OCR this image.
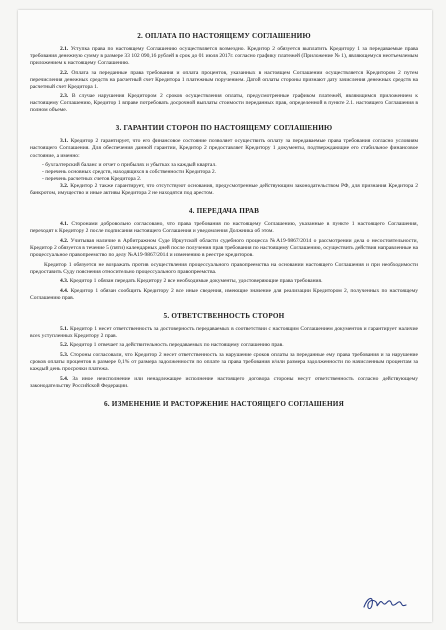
2. ОПЛАТА ПО НАСТОЯЩЕМУ СОГЛАШЕНИЮ

2.1. Уступка права по настоящему Соглашению осуществляется возмездно. Кредитор 2 обязуется выплатить Кредитору 1 за передаваемые права требования денежную сумму в размере 33 102 090,16 рублей в срок до 01 июля 2017г. согласно графику платежей (Приложение № 1), являющемуся неотъемлемым приложением к настоящему Соглашению.

2.2. Оплата за переданные права требования и оплата процентов, указанных в настоящем Соглашении осуществляется Кредитором 2 путем перечисления денежных средств на расчетный счет Кредитора 1 платежным поручением. Датой оплаты стороны признают дату зачисления денежных средств на расчетный счет Кредитора 1.

2.3. В случае нарушения Кредитором 2 сроков осуществления оплаты, предусмотренные графиком платежей, являющимся приложением к настоящему Соглашению, Кредитор 1 вправе потребовать досрочной выплаты стоимости переданных прав, определенной в пункте 2.1. настоящего Соглашения в полном объеме.

3. ГАРАНТИИ СТОРОН ПО НАСТОЯЩЕМУ СОГЛАШЕНИЮ

3.1. Кредитор 2 гарантирует, что его финансовое состояние позволяет осуществить оплату за передаваемые права требования согласно условиям настоящего Соглашения. Для обеспечения данной гарантии, Кредитор 2 предоставляет Кредитору 1 документы, подтверждающие его стабильное финансовое состояние, а именно:

- бухгалтерский баланс и отчет о прибылях и убытках за каждый квартал.

- перечень основных средств, находящихся в собственности Кредитора 2.

- перечень расчетных счетов Кредитора 2.

3.2. Кредитор 2 также гарантирует, что отсутствуют основания, предусмотренные действующим законодательством РФ, для признания Кредитора 2 банкротом, имущество и иные активы Кредитора 2 не находятся под арестом.

4. ПЕРЕДАЧА ПРАВ

4.1. Сторонами добровольно согласовано, что права требования по настоящему Соглашению, указанные в пункте 1 настоящего Соглашения, переходят к Кредитору 2 после подписания настоящего Соглашения и уведомления Должника об этом.

4.2. Учитывая наличие в Арбитражном Суде Иркутской области судебного процесса №А19-9867/2014 о рассмотрении дела о несостоятельности, Кредитор 2 обязуется в течение 5 (пяти) календарных дней после получения прав требования по настоящему Соглашению, осуществить действия направленные на процессуальное правопреемство по делу №А19-9867/2014 и изменению в реестре кредиторов.

Кредитор 1 обязуется не возражать против осуществления процессуального правопреемства на основании настоящего Соглашения и при необходимости предоставить Суду пояснения относительно процессуального правопреемства.

4.3. Кредитор 1 обязан передать Кредитору 2 все необходимые документы, удостоверяющие права требования.

4.4. Кредитор 1 обязан сообщить Кредитору 2 все иные сведения, имеющие значение для реализации Кредитором 2, полученных по настоящему Соглашению прав.

5. ОТВЕТСТВЕННОСТЬ СТОРОН

5.1. Кредитор 1 несет ответственность за достоверность передаваемых в соответствии с настоящим Соглашением документов и гарантирует наличие всех уступленных Кредитору 2 прав.

5.2. Кредитор 1 отвечает за действительность передаваемых по настоящему соглашению прав.

5.3. Стороны согласовали, что Кредитор 2 несет ответственность за нарушение сроков оплаты за переданные ему права требования и за нарушение сроков оплаты процентов в размере 0,1% от размера задолженности по оплате за права требования и/или размера задолженности по начисленным процентам за каждый день просрочки платежа.

5.4. За иное неисполнение или ненадлежащее исполнение настоящего договора стороны несут ответственность согласно действующему законодательству Российской Федерации.

6. ИЗМЕНЕНИЕ И РАСТОРЖЕНИЕ НАСТОЯЩЕГО СОГЛАШЕНИЯ
